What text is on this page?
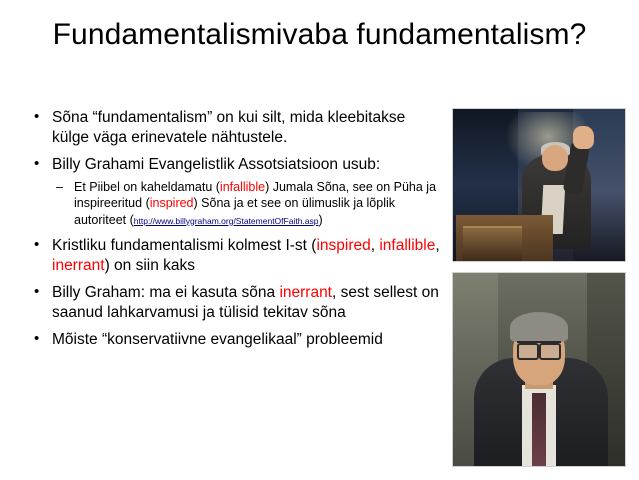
Fundamentalismivaba fundamentalism?
• Sõna “fundamentalism” on kui silt, mida kleebitakse külge väga erinevatele nähtustele.
• Billy Grahami Evangelistlik Assotsiatsioon usub:
– Et Piibel on kaheldamatu (infallible) Jumala Sõna, see on Püha ja inspireeritud (inspired) Sõna ja et see on ülimuslik ja lõplik autoriteet (http://www.billygraham.org/StatementOfFaith.asp)
• Kristliku fundamentalismi kolmest I-st (inspired, infallible, inerrant) on siin kaks
• Billy Graham: ma ei kasuta sõna inerrant, sest sellest on saanud lahkarvamusi ja tülisid tekitav sõna
• Mõiste “konservatiivne evangelikaal” probleemid
